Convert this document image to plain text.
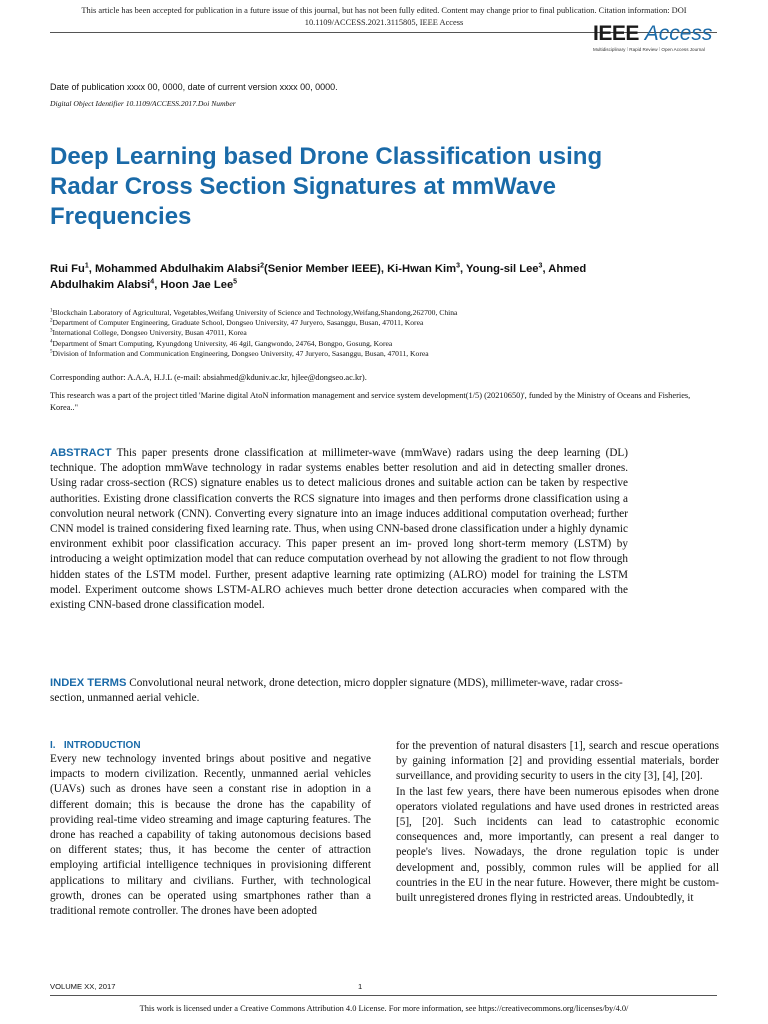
This article has been accepted for publication in a future issue of this journal, but has not been fully edited. Content may change prior to final publication. Citation information: DOI
10.1109/ACCESS.2021.3115805, IEEE Access	IEEE Access
Multidisciplinary ⁞ Rapid Review ⁞ Open Access Journal
Date of publication xxxx 00, 0000, date of current version xxxx 00, 0000.
Digital Object Identifier 10.1109/ACCESS.2017.Doi Number
Deep Learning based Drone Classification using Radar Cross Section Signatures at mmWave Frequencies
Rui Fu$^1$, Mohammed Abdulhakim Alabsi$^2$(Senior Member IEEE), Ki-Hwan Kim$^3$, Young-sil Lee$^3$, Ahmed Abdulhakim Alabsi$^4$, Hoon Jae Lee$^5$
$^1$Blockchain Laboratory of Agricultural, Vegetables,Weifang University of Science and Technology,Weifang,Shandong,262700, China
$^2$Department of Computer Engineering, Graduate School, Dongseo University, 47 Juryero, Sasanggu, Busan, 47011, Korea
$^3$International College, Dongseo University, Busan 47011, Korea
$^4$Department of Smart Computing, Kyungdong University, 46 4gil, Gangwondo, 24764, Bongpo, Gosung, Korea
$^5$Division of Information and Communication Engineering, Dongseo University, 47 Juryero, Sasanggu, Busan, 47011, Korea
Corresponding author: A.A.A, H.J.L (e-mail: absiahmed@kduniv.ac.kr, hjlee@dongseo.ac.kr).
This research was a part of the project titled 'Marine digital AtoN information management and service system development(1/5) (20210650)', funded by the Ministry of Oceans and Fisheries, Korea.."
ABSTRACT This paper presents drone classification at millimeter-wave (mmWave) radars using the deep learning (DL) technique. The adoption mmWave technology in radar systems enables better resolution and aid in detecting smaller drones. Using radar cross-section (RCS) signature enables us to detect malicious drones and suitable action can be taken by respective authorities. Existing drone classification converts the RCS signature into images and then performs drone classification using a convolution neural network (CNN). Converting every signature into an image induces additional computation overhead; further CNN model is trained considering fixed learning rate. Thus, when using CNN-based drone classification under a highly dynamic environment exhibit poor classification accuracy. This paper present an im- proved long short-term memory (LSTM) by introducing a weight optimization model that can reduce computation overhead by not allowing the gradient to not flow through hidden states of the LSTM model. Further, present adaptive learning rate optimizing (ALRO) model for training the LSTM model. Experiment outcome shows LSTM-ALRO achieves much better drone detection accuracies when compared with the existing CNN-based drone classification model.
INDEX TERMS Convolutional neural network, drone detection, micro doppler signature (MDS), millimeter-wave, radar cross-section, unmanned aerial vehicle.
I.   INTRODUCTION
Every new technology invented brings about positive and negative impacts to modern civilization. Recently, unmanned aerial vehicles (UAVs) such as drones have seen a constant rise in adoption in a different domain; this is because the drone has the capability of providing real-time video streaming and image capturing features. The drone has reached a capability of taking autonomous decisions based on different states; thus, it has become the center of attraction employing artificial intelligence techniques in provisioning different applications to military and civilians. Further, with technological growth, drones can be operated using smartphones rather than a traditional remote controller. The drones have been adopted

for the prevention of natural disasters [1], search and rescue operations by gaining information [2] and providing essential materials, border surveillance, and providing security to users in the city [3], [4], [20].

In the last few years, there have been numerous episodes when drone operators violated regulations and have used drones in restricted areas [5], [20]. Such incidents can lead to catastrophic economic consequences and, more importantly, can present a real danger to people's lives. Nowadays, the drone regulation topic is under development and, possibly, common rules will be applied for all countries in the EU in the near future. However, there might be custom-built unregistered drones flying in restricted areas. Undoubtedly, it

VOLUME XX, 2017	1
This work is licensed under a Creative Commons Attribution 4.0 License. For more information, see https://creativecommons.org/licenses/by/4.0/
